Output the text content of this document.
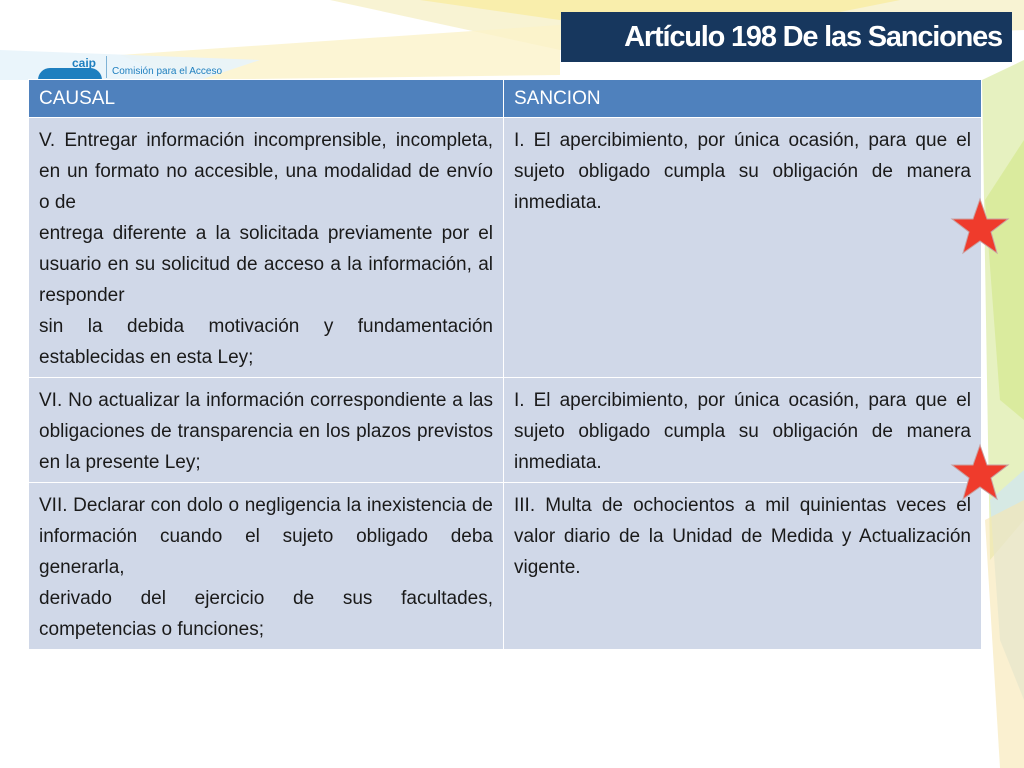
caip
Comisión para el Acceso
Artículo 198 De las Sanciones
CAUSAL	SANCION

V. Entregar información incomprensible, incompleta, en un formato no accesible, una modalidad de envío o de

entrega diferente a la solicitada previamente por el usuario en su solicitud de acceso a la información, al responder

sin la debida motivación y fundamentación establecidas en esta Ley;	I. El apercibimiento, por única ocasión, para que el sujeto obligado cumpla su obligación de manera inmediata.

VI. No actualizar la información correspondiente a las obligaciones de transparencia en los plazos previstos en la presente Ley;	I. El apercibimiento, por única ocasión, para que el sujeto obligado cumpla su obligación de manera inmediata.

VII. Declarar con dolo o negligencia la inexistencia de información cuando el sujeto obligado deba generarla,

derivado del ejercicio de sus facultades, competencias o funciones;	III. Multa de ochocientos a mil quinientas veces el valor diario de la Unidad de Medida y Actualización vigente.
